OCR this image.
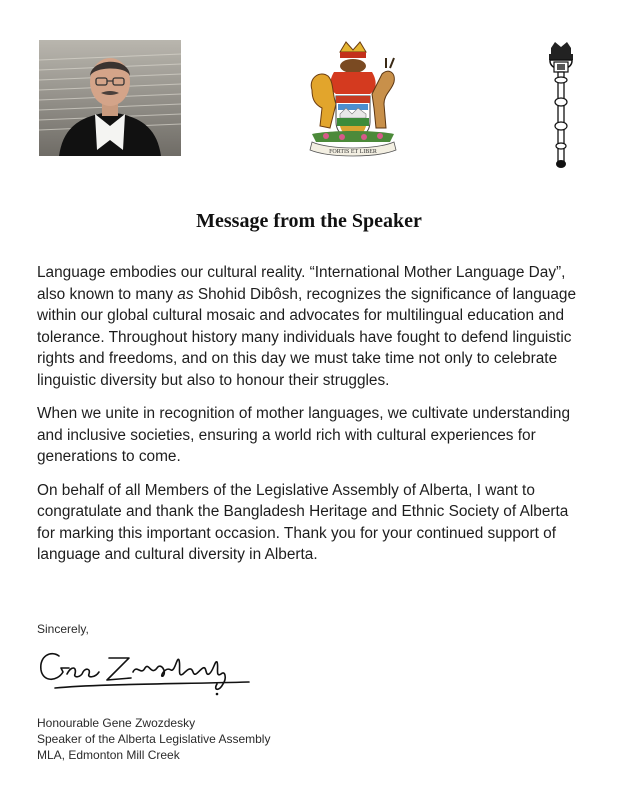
FORTIS ET LIBER
Message from the Speaker

Language embodies our cultural reality. “International Mother Language Day”, also known to many as Shohid Dibôsh, recognizes the significance of language within our global cultural mosaic and advocates for multilingual education and tolerance. Throughout history many individuals have fought to defend linguistic rights and freedoms, and on this day we must take time not only to celebrate linguistic diversity but also to honour their struggles.

When we unite in recognition of mother languages, we cultivate understanding and inclusive societies, ensuring a world rich with cultural experiences for generations to come.

On behalf of all Members of the Legislative Assembly of Alberta, I want to congratulate and thank the Bangladesh Heritage and Ethnic Society of Alberta for marking this important occasion. Thank you for your continued support of language and cultural diversity in Alberta.

Sincerely,
Honourable Gene Zwozdesky
Speaker of the Alberta Legislative Assembly
MLA, Edmonton Mill Creek
